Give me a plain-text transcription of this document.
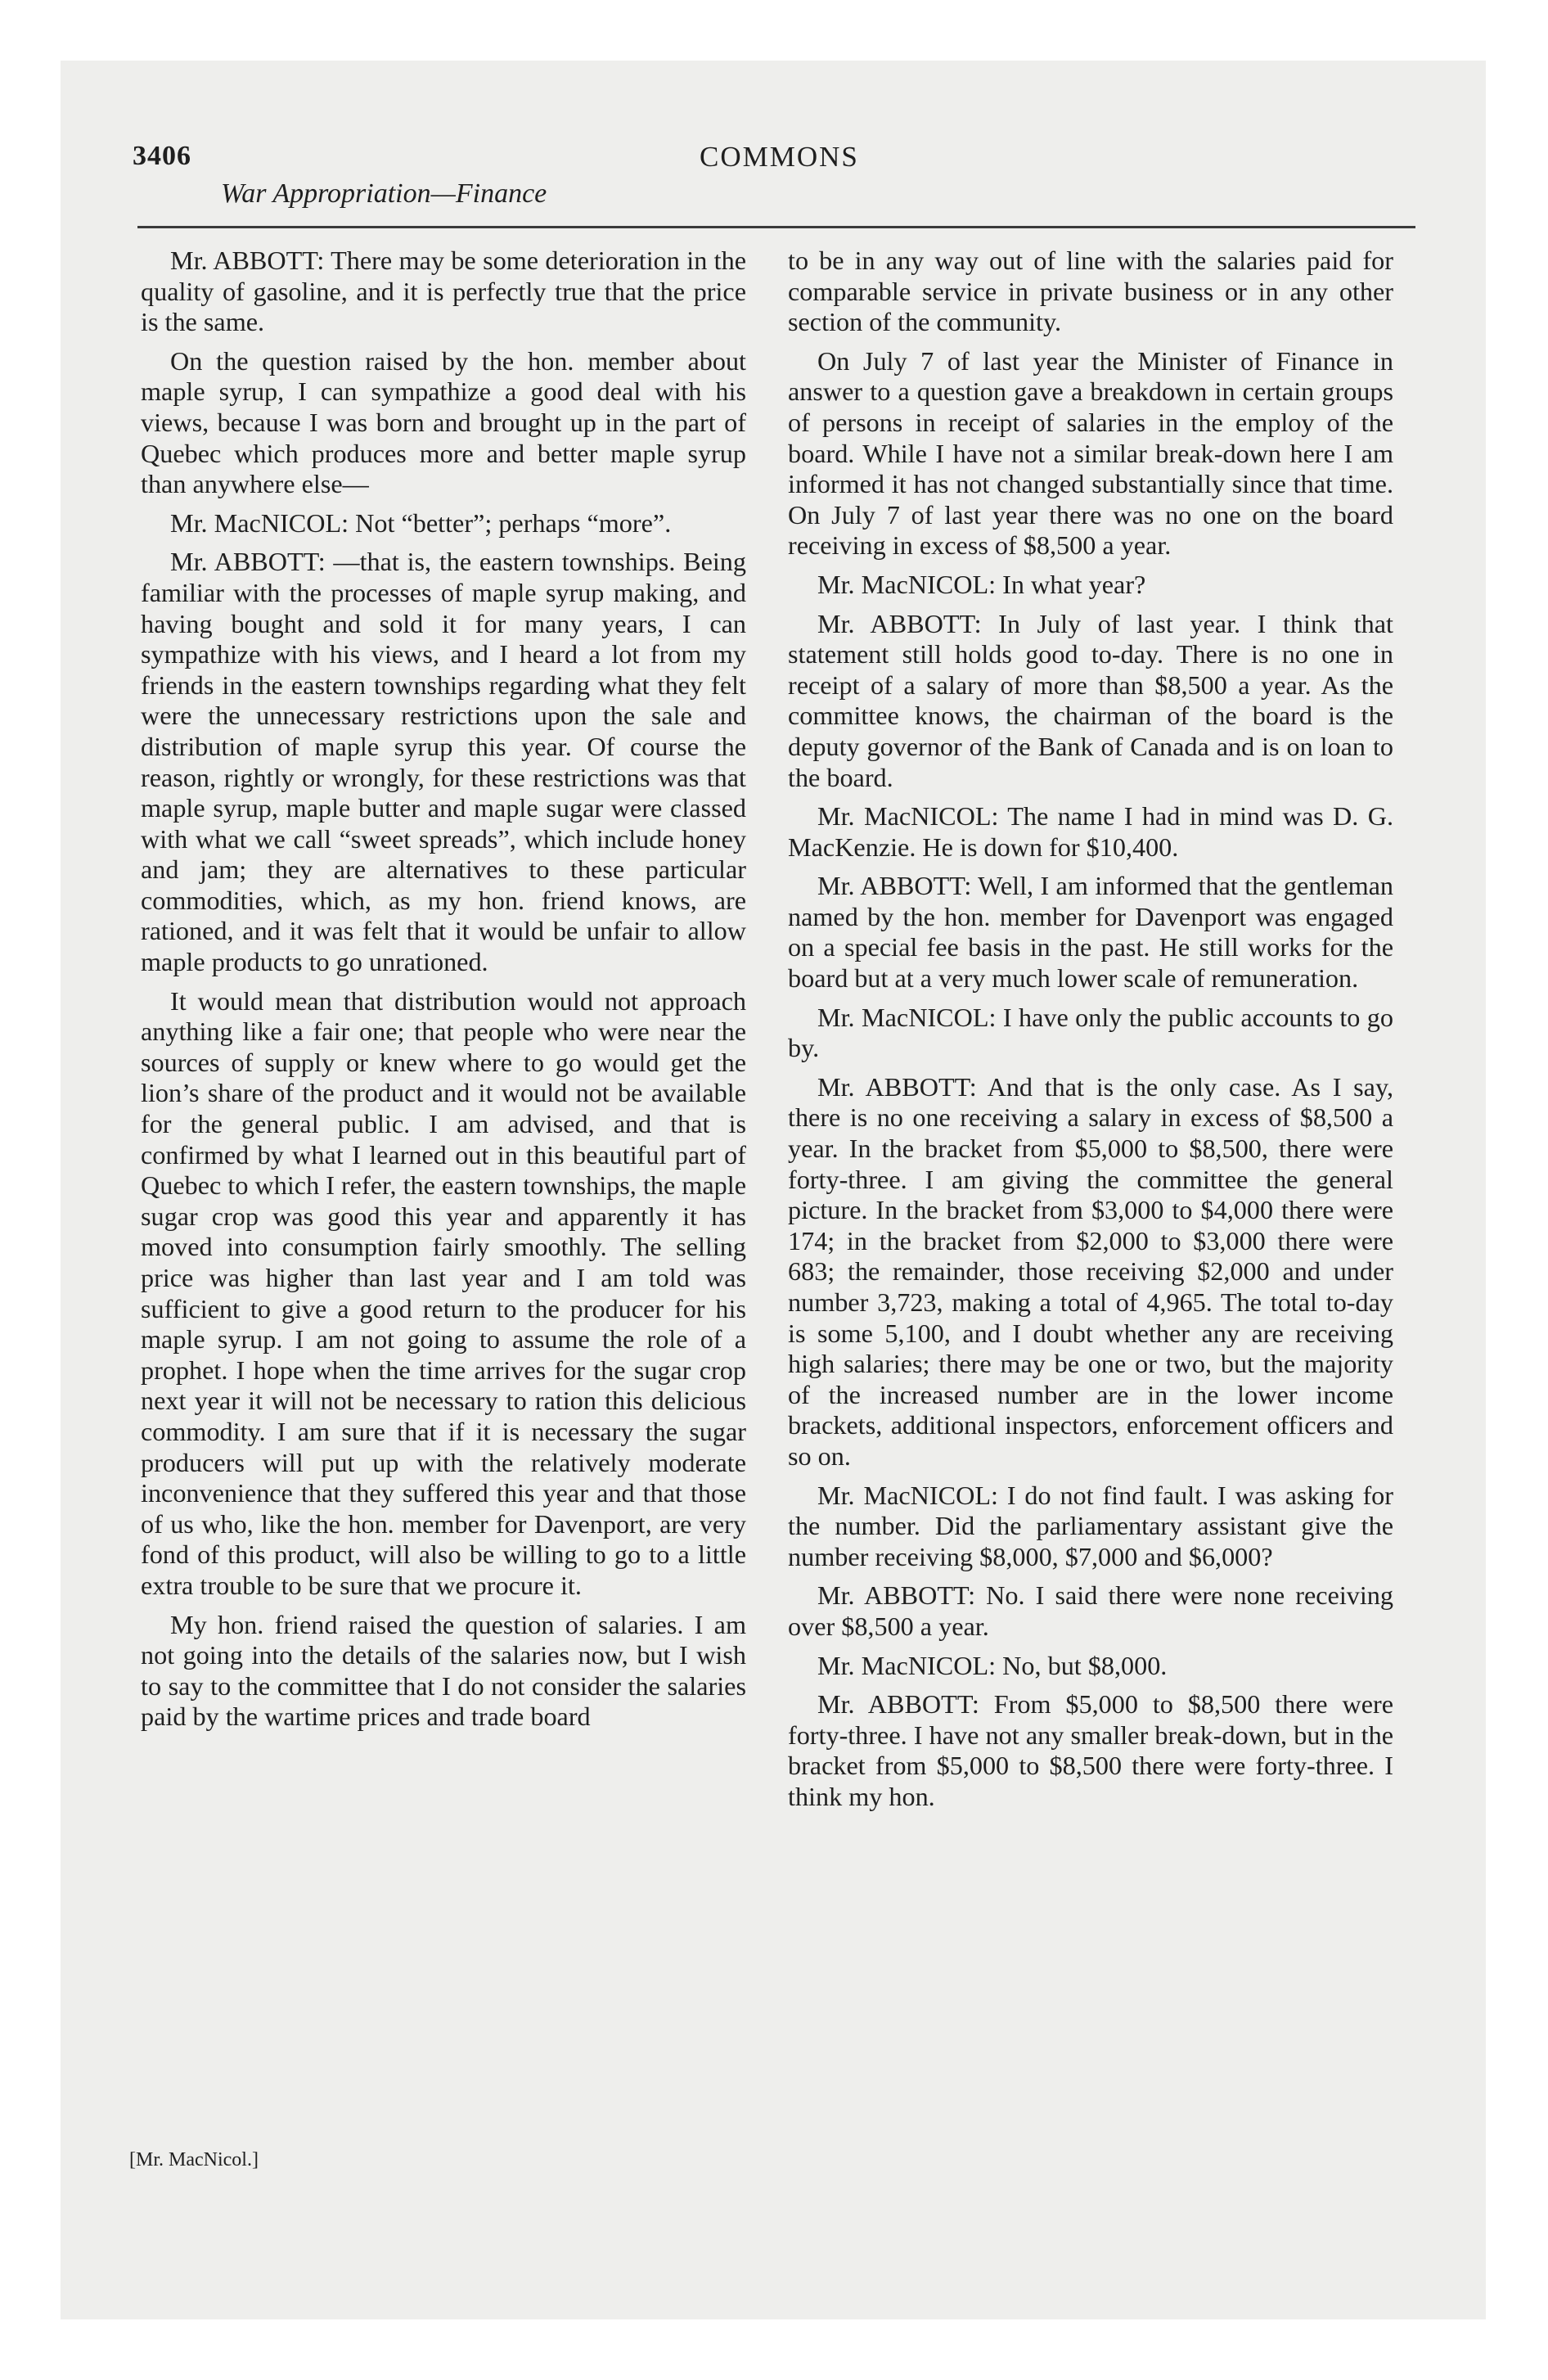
3406
War Appropriation—Finance
COMMONS

Mr. ABBOTT: There may be some deterioration in the quality of gasoline, and it is perfectly true that the price is the same.

On the question raised by the hon. member about maple syrup, I can sympathize a good deal with his views, because I was born and brought up in the part of Quebec which produces more and better maple syrup than anywhere else—

Mr. MacNICOL: Not “better”; perhaps “more”.

Mr. ABBOTT: —that is, the eastern townships. Being familiar with the processes of maple syrup making, and having bought and sold it for many years, I can sympathize with his views, and I heard a lot from my friends in the eastern townships regarding what they felt were the unnecessary restrictions upon the sale and distribution of maple syrup this year. Of course the reason, rightly or wrongly, for these restrictions was that maple syrup, maple butter and maple sugar were classed with what we call “sweet spreads”, which include honey and jam; they are alternatives to these particular commodities, which, as my hon. friend knows, are rationed, and it was felt that it would be unfair to allow maple products to go unrationed.

It would mean that distribution would not approach anything like a fair one; that people who were near the sources of supply or knew where to go would get the lion’s share of the product and it would not be available for the general public. I am advised, and that is confirmed by what I learned out in this beautiful part of Quebec to which I refer, the eastern townships, the maple sugar crop was good this year and apparently it has moved into consumption fairly smoothly. The selling price was higher than last year and I am told was sufficient to give a good return to the producer for his maple syrup. I am not going to assume the role of a prophet. I hope when the time arrives for the sugar crop next year it will not be necessary to ration this delicious commodity. I am sure that if it is necessary the sugar producers will put up with the relatively moderate inconvenience that they suffered this year and that those of us who, like the hon. member for Davenport, are very fond of this product, will also be willing to go to a little extra trouble to be sure that we procure it.

My hon. friend raised the question of salaries. I am not going into the details of the salaries now, but I wish to say to the committee that I do not consider the salaries paid by the wartime prices and trade board

to be in any way out of line with the salaries paid for comparable service in private business or in any other section of the community.

On July 7 of last year the Minister of Finance in answer to a question gave a breakdown in certain groups of persons in receipt of salaries in the employ of the board. While I have not a similar break-down here I am informed it has not changed substantially since that time. On July 7 of last year there was no one on the board receiving in excess of $8,500 a year.

Mr. MacNICOL: In what year?

Mr. ABBOTT: In July of last year. I think that statement still holds good to-day. There is no one in receipt of a salary of more than $8,500 a year. As the committee knows, the chairman of the board is the deputy governor of the Bank of Canada and is on loan to the board.

Mr. MacNICOL: The name I had in mind was D. G. MacKenzie. He is down for $10,400.

Mr. ABBOTT: Well, I am informed that the gentleman named by the hon. member for Davenport was engaged on a special fee basis in the past. He still works for the board but at a very much lower scale of remuneration.

Mr. MacNICOL: I have only the public accounts to go by.

Mr. ABBOTT: And that is the only case. As I say, there is no one receiving a salary in excess of $8,500 a year. In the bracket from $5,000 to $8,500, there were forty-three. I am giving the committee the general picture. In the bracket from $3,000 to $4,000 there were 174; in the bracket from $2,000 to $3,000 there were 683; the remainder, those receiving $2,000 and under number 3,723, making a total of 4,965. The total to-day is some 5,100, and I doubt whether any are receiving high salaries; there may be one or two, but the majority of the increased number are in the lower income brackets, additional inspectors, enforcement officers and so on.

Mr. MacNICOL: I do not find fault. I was asking for the number. Did the parliamentary assistant give the number receiving $8,000, $7,000 and $6,000?

Mr. ABBOTT: No. I said there were none receiving over $8,500 a year.

Mr. MacNICOL: No, but $8,000.

Mr. ABBOTT: From $5,000 to $8,500 there were forty-three. I have not any smaller break-down, but in the bracket from $5,000 to $8,500 there were forty-three. I think my hon.

[Mr. MacNicol.]
